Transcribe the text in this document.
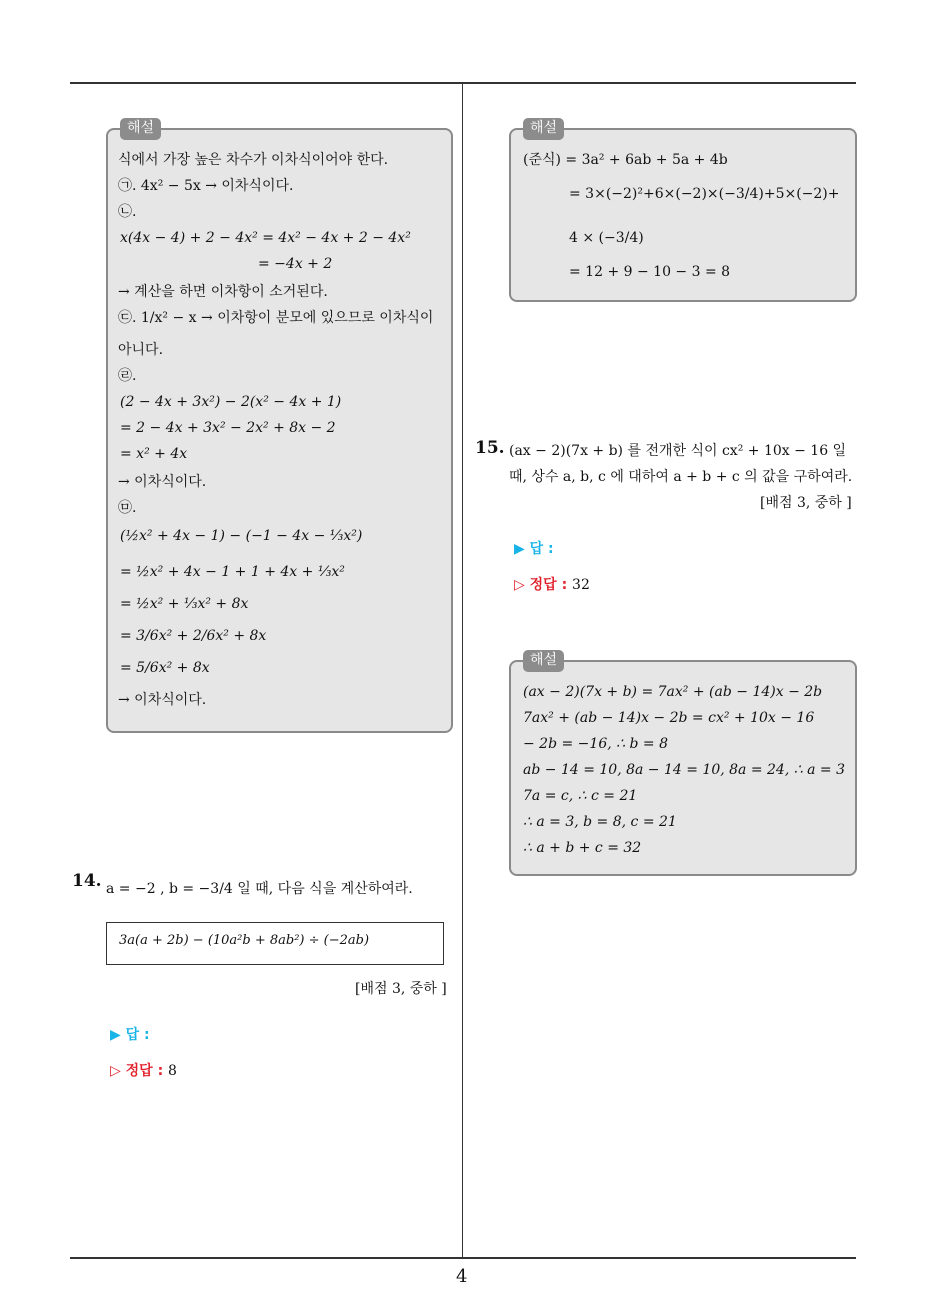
해설
식에서 가장 높은 차수가 이차식이어야 한다.
㉠. 4x² − 5x → 이차식이다.
㉡.
x(4x − 4) + 2 − 4x² = 4x² − 4x + 2 − 4x²
= −4x + 2
→ 계산을 하면 이차항이 소거된다.
㉢. 1/x² − x → 이차항이 분모에 있으므로 이차식이
아니다.
㉣.
(2 − 4x + 3x²) − 2(x² − 4x + 1)
= 2 − 4x + 3x² − 2x² + 8x − 2
= x² + 4x
→ 이차식이다.
㉤.
(½x² + 4x − 1) − (−1 − 4x − ⅓x²)
= ½x² + 4x − 1 + 1 + 4x + ⅓x²
= ½x² + ⅓x² + 8x
= 3/6x² + 2/6x² + 8x
= 5/6x² + 8x
→ 이차식이다.
14. a = −2 , b = −3/4 일 때, 다음 식을 계산하여라.
3a(a + 2b) − (10a²b + 8ab²) ÷ (−2ab)
[배점 3, 중하 ]
▶ 답 :
▷ 정답 : 8
해설
(준식) = 3a² + 6ab + 5a + 4b
= 3×(−2)²+6×(−2)×(−3/4)+5×(−2)+
4 × (−3/4)
= 12 + 9 − 10 − 3 = 8
15. (ax − 2)(7x + b) 를 전개한 식이 cx² + 10x − 16 일
때, 상수 a, b, c 에 대하여 a + b + c 의 값을 구하여라.
[배점 3, 중하 ]
▶ 답 :
▷ 정답 : 32
해설
(ax − 2)(7x + b) = 7ax² + (ab − 14)x − 2b
7ax² + (ab − 14)x − 2b = cx² + 10x − 16
− 2b = −16, ∴ b = 8
ab − 14 = 10, 8a − 14 = 10, 8a = 24, ∴ a = 3
7a = c, ∴ c = 21
∴ a = 3, b = 8, c = 21
∴ a + b + c = 32
4
